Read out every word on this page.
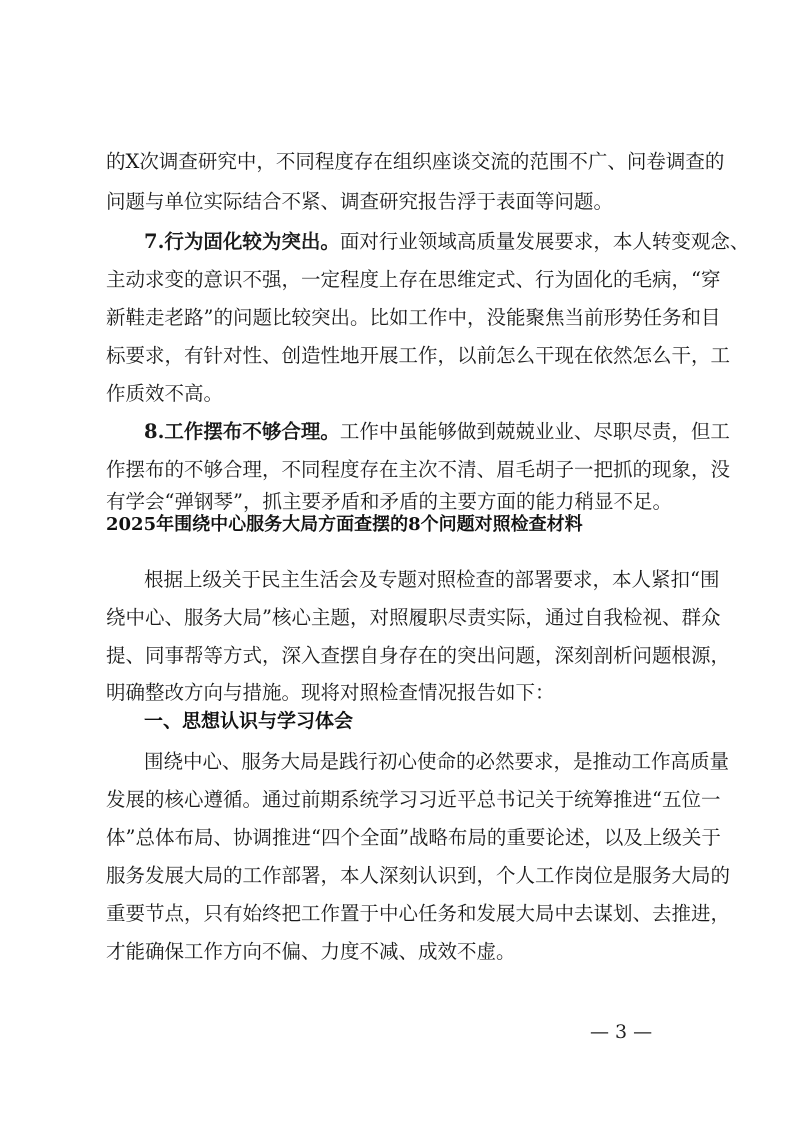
的X次调查研究中，不同程度存在组织座谈交流的范围不广、问卷调查的

问题与单位实际结合不紧、调查研究报告浮于表面等问题。

7.行为固化较为突出。面对行业领域高质量发展要求，本人转变观念、

主动求变的意识不强，一定程度上存在思维定式、行为固化的毛病，“穿

新鞋走老路”的问题比较突出。比如工作中，没能聚焦当前形势任务和目

标要求，有针对性、创造性地开展工作，以前怎么干现在依然怎么干，工

作质效不高。

8.工作摆布不够合理。工作中虽能够做到兢兢业业、尽职尽责，但工

作摆布的不够合理，不同程度存在主次不清、眉毛胡子一把抓的现象，没

有学会“弹钢琴”，抓主要矛盾和矛盾的主要方面的能力稍显不足。

2025年围绕中心服务大局方面查摆的8个问题对照检查材料

根据上级关于民主生活会及专题对照检查的部署要求，本人紧扣“围

绕中心、服务大局”核心主题，对照履职尽责实际，通过自我检视、群众

提、同事帮等方式，深入查摆自身存在的突出问题，深刻剖析问题根源，

明确整改方向与措施。现将对照检查情况报告如下：

一、思想认识与学习体会

围绕中心、服务大局是践行初心使命的必然要求，是推动工作高质量

发展的核心遵循。通过前期系统学习习近平总书记关于统筹推进“五位一

体”总体布局、协调推进“四个全面”战略布局的重要论述，以及上级关于

服务发展大局的工作部署，本人深刻认识到，个人工作岗位是服务大局的

重要节点，只有始终把工作置于中心任务和发展大局中去谋划、去推进，

才能确保工作方向不偏、力度不减、成效不虚。

— 3 —
